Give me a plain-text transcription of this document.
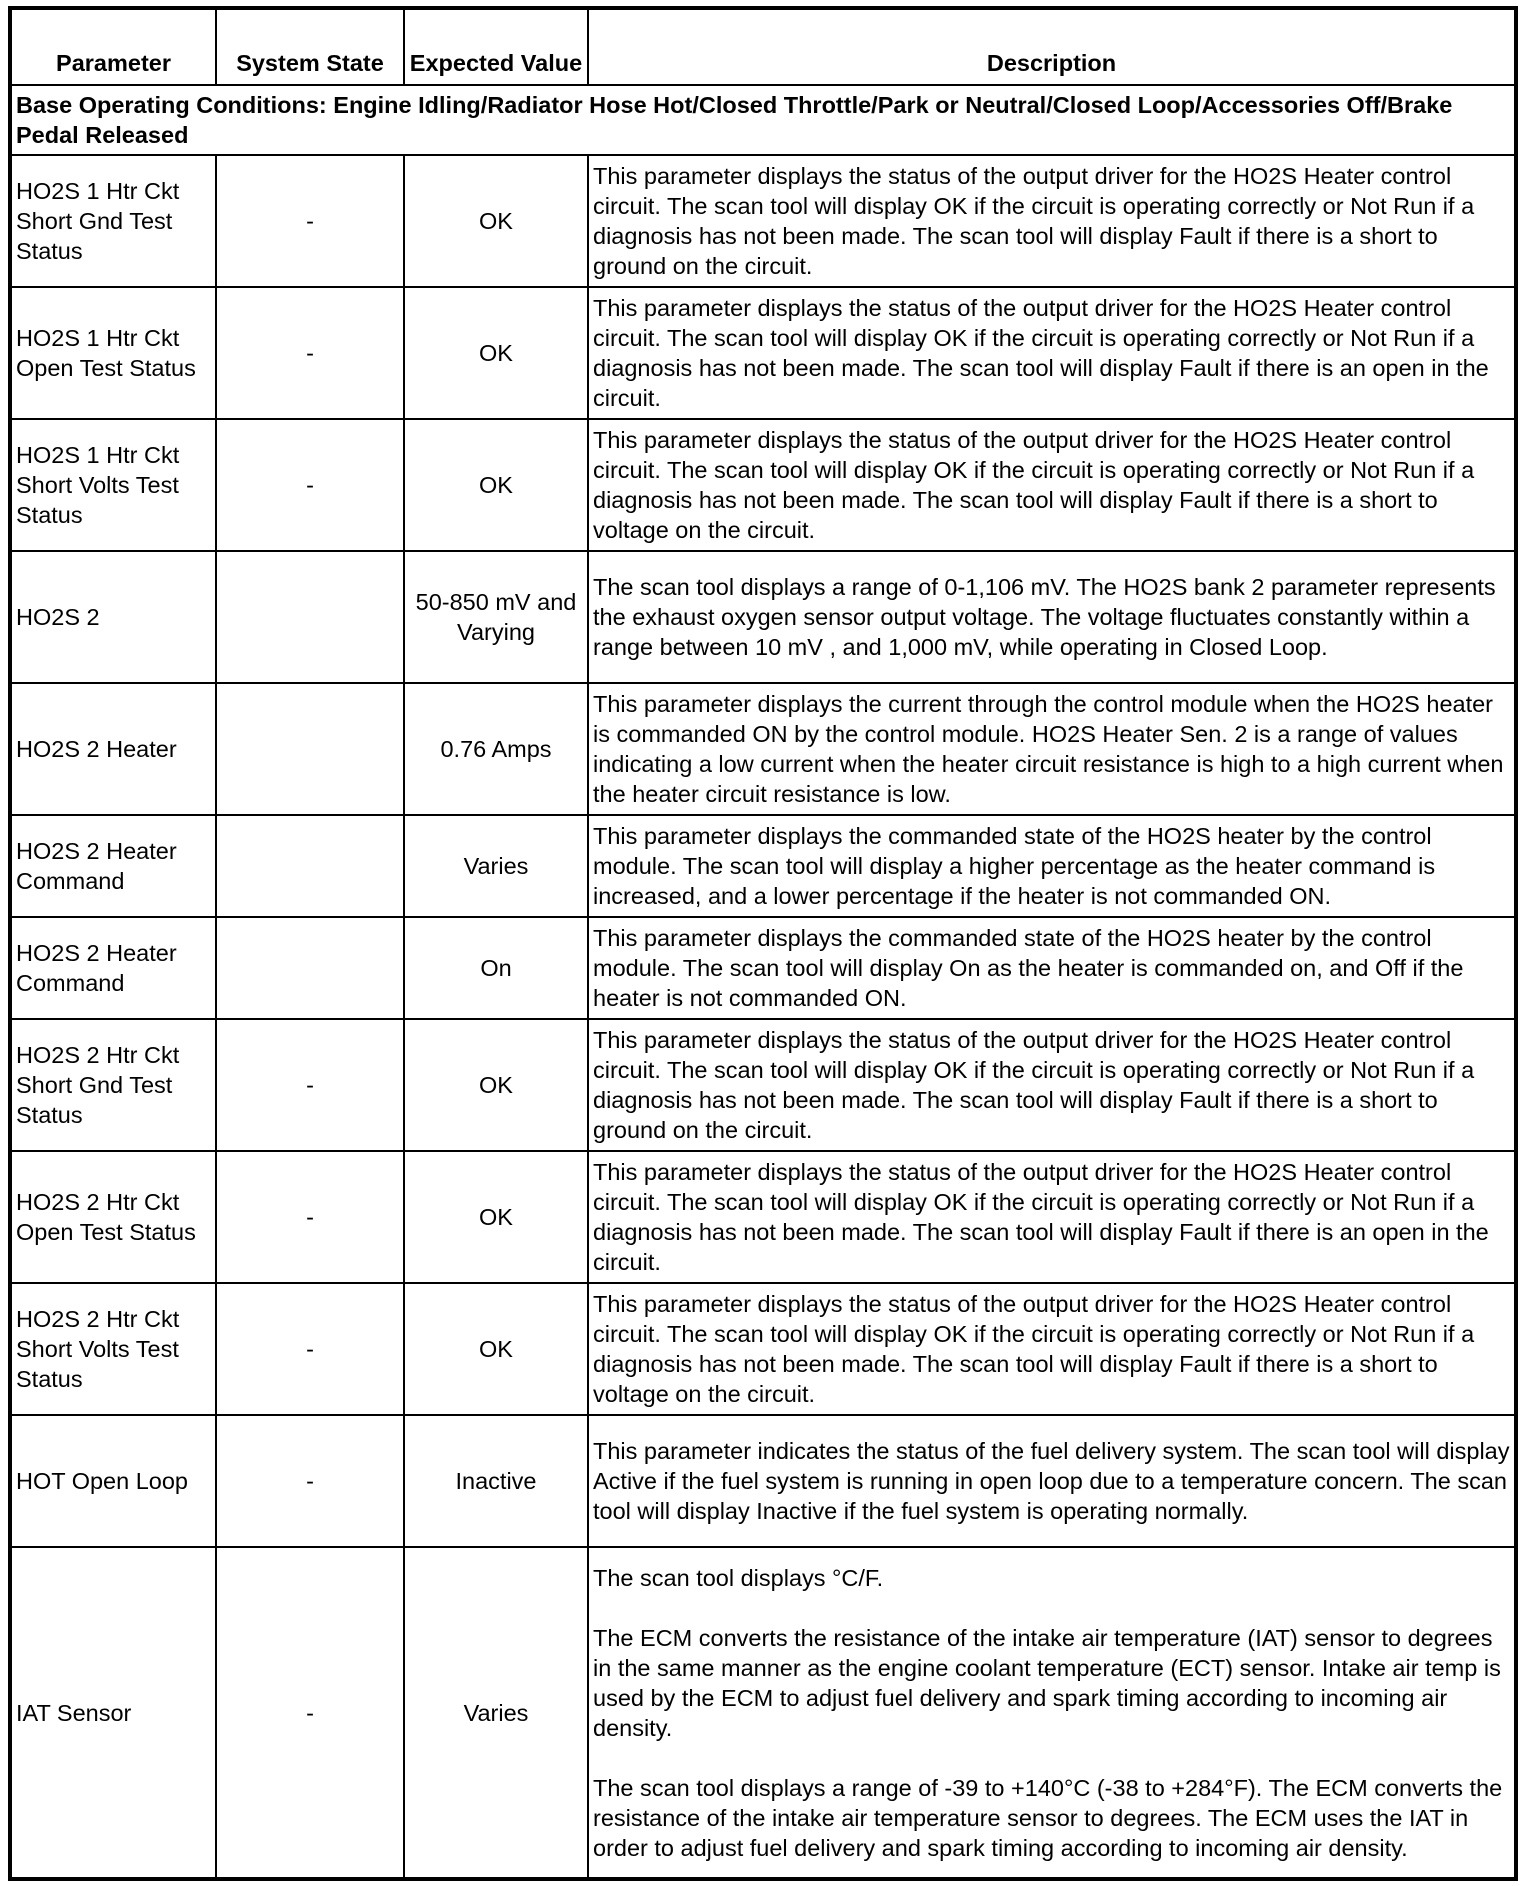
Parameter	System State	Expected Value	Description
Base Operating Conditions: Engine Idling/Radiator Hose Hot/Closed Throttle/Park or Neutral/Closed Loop/Accessories Off/Brake Pedal Released			
HO2S 1 Htr Ckt Short Gnd Test Status	-	OK	This parameter displays the status of the output driver for the HO2S Heater control circuit. The scan tool will display OK if the circuit is operating correctly or Not Run if a diagnosis has not been made. The scan tool will display Fault if there is a short to ground on the circuit.
HO2S 1 Htr Ckt Open Test Status	-	OK	This parameter displays the status of the output driver for the HO2S Heater control circuit. The scan tool will display OK if the circuit is operating correctly or Not Run if a diagnosis has not been made. The scan tool will display Fault if there is an open in the circuit.
HO2S 1 Htr Ckt Short Volts Test Status	-	OK	This parameter displays the status of the output driver for the HO2S Heater control circuit. The scan tool will display OK if the circuit is operating correctly or Not Run if a diagnosis has not been made. The scan tool will display Fault if there is a short to voltage on the circuit.
HO2S 2		50-850 mV and Varying	The scan tool displays a range of 0-1,106 mV. The HO2S bank 2 parameter represents the exhaust oxygen sensor output voltage. The voltage fluctuates constantly within a range between 10 mV , and 1,000 mV, while operating in Closed Loop.
HO2S 2 Heater		0.76 Amps	This parameter displays the current through the control module when the HO2S heater is commanded ON by the control module. HO2S Heater Sen. 2 is a range of values indicating a low current when the heater circuit resistance is high to a high current when the heater circuit resistance is low.
HO2S 2 Heater Command		Varies	This parameter displays the commanded state of the HO2S heater by the control module. The scan tool will display a higher percentage as the heater command is increased, and a lower percentage if the heater is not commanded ON.
HO2S 2 Heater Command		On	This parameter displays the commanded state of the HO2S heater by the control module. The scan tool will display On as the heater is commanded on, and Off if the heater is not commanded ON.
HO2S 2 Htr Ckt Short Gnd Test Status	-	OK	This parameter displays the status of the output driver for the HO2S Heater control circuit. The scan tool will display OK if the circuit is operating correctly or Not Run if a diagnosis has not been made. The scan tool will display Fault if there is a short to ground on the circuit.
HO2S 2 Htr Ckt Open Test Status	-	OK	This parameter displays the status of the output driver for the HO2S Heater control circuit. The scan tool will display OK if the circuit is operating correctly or Not Run if a diagnosis has not been made. The scan tool will display Fault if there is an open in the circuit.
HO2S 2 Htr Ckt Short Volts Test Status	-	OK	This parameter displays the status of the output driver for the HO2S Heater control circuit. The scan tool will display OK if the circuit is operating correctly or Not Run if a diagnosis has not been made. The scan tool will display Fault if there is a short to voltage on the circuit.
HOT Open Loop	-	Inactive	This parameter indicates the status of the fuel delivery system. The scan tool will display Active if the fuel system is running in open loop due to a temperature concern. The scan tool will display Inactive if the fuel system is operating normally.
IAT Sensor	-	Varies	The scan tool displays °C/F.
The ECM converts the resistance of the intake air temperature (IAT) sensor to degrees in the same manner as the engine coolant temperature (ECT) sensor. Intake air temp is used by the ECM to adjust fuel delivery and spark timing according to incoming air density.
The scan tool displays a range of -39 to +140°C (-38 to +284°F). The ECM converts the resistance of the intake air temperature sensor to degrees. The ECM uses the IAT in order to adjust fuel delivery and spark timing according to incoming air density.
